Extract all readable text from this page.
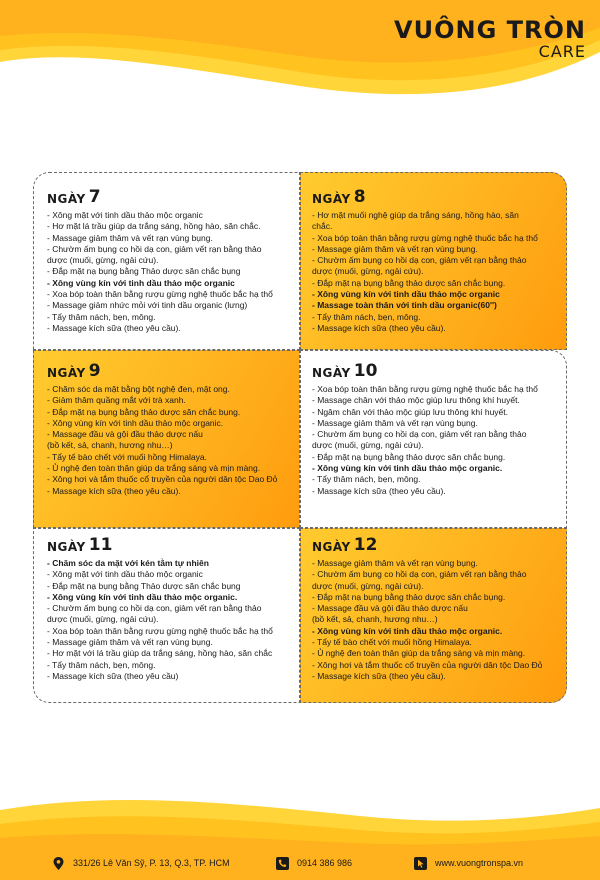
VUÔNG TRÒN
CARE
NGÀY 7
- Xông mặt với tinh dầu thảo mộc organic
- Hơ mặt lá trầu giúp da trắng sáng, hồng hào, săn chắc.
- Massage giảm thâm và vết rạn vùng bụng.
- Chườm ấm bụng co hồi dạ con, giảm vết rạn bằng thảo
dược (muối, gừng, ngải cứu).
- Đắp mặt nạ bụng bằng Thảo dược săn chắc bụng
- Xông vùng kín với tinh dầu thảo mộc organic
- Xoa bóp toàn thân bằng rượu gừng nghệ thuốc bắc hạ thổ
- Massage giảm nhức mỏi với tinh dầu organic (lưng)
- Tẩy thâm nách, bẹn, mông.
- Massage kích sữa (theo yêu cầu).
NGÀY 8
- Hơ mặt muối nghệ giúp da trắng sáng, hồng hào, săn
chắc.
- Xoa bóp toàn thân bằng rượu gừng nghệ thuốc bắc hạ thổ
- Massage giảm thâm và vết rạn vùng bụng.
- Chườm ấm bụng co hồi dạ con, giảm vết rạn bằng thảo
dược (muối, gừng, ngải cứu).
- Đắp mặt nạ bụng bằng thảo dược săn chắc bụng.
- Xông vùng kín với tinh dầu thảo mộc organic
- Massage toàn thân với tinh dầu organic(60'')
- Tẩy thâm nách, bẹn, mông.
- Massage kích sữa (theo yêu cầu).
NGÀY 9
- Chăm sóc da mặt bằng bột nghệ đen, mật ong.
- Giảm thâm quầng mắt với trà xanh.
- Đắp mặt nạ bụng bằng thảo dược săn chắc bụng.
- Xông vùng kín với tinh dầu thảo mộc organic.
- Massage đầu và gội đầu thảo dược nấu
(bồ kết, sả, chanh, hương nhu…)
- Tẩy tế bào chết với muối hồng Himalaya.
- Ủ nghệ đen toàn thân giúp da trắng sáng và mịn màng.
- Xông hơi và tắm thuốc cổ truyền của người dân tộc Dao Đỏ
- Massage kích sữa (theo yêu cầu).
NGÀY 10
- Xoa bóp toàn thân bằng rượu gừng nghệ thuốc bắc hạ thổ
- Massage chân với thảo mộc giúp lưu thông khí huyết.
- Ngâm chân với thảo mộc giúp lưu thông khí huyết.
- Massage giảm thâm và vết rạn vùng bụng.
- Chườm ấm bụng co hồi dạ con, giảm vết rạn bằng thảo
dược (muối, gừng, ngải cứu).
- Đắp mặt nạ bụng bằng thảo dược săn chắc bụng.
- Xông vùng kín với tinh dầu thảo mộc organic.
- Tẩy thâm nách, bẹn, mông.
- Massage kích sữa (theo yêu cầu).
NGÀY 11
- Chăm sóc da mặt với kén tằm tự nhiên
- Xông mặt với tinh dầu thảo mộc organic
- Đắp mặt nạ bụng bằng Thảo dược săn chắc bụng
- Xông vùng kín với tinh dầu thảo mộc organic.
- Chườm ấm bụng co hồi dạ con, giảm vết rạn bằng thảo
dược (muối, gừng, ngải cứu).
- Xoa bóp toàn thân bằng rượu gừng nghệ thuốc bắc hạ thổ
- Massage giảm thâm và vết rạn vùng bụng.
- Hơ mặt với lá trầu giúp da trắng sáng, hồng hào, săn chắc
- Tẩy thâm nách, bẹn, mông.
- Massage kích sữa (theo yêu cầu)
NGÀY 12
- Massage giảm thâm và vết rạn vùng bụng.
- Chườm ấm bụng co hồi dạ con, giảm vết rạn bằng thảo
dược (muối, gừng, ngải cứu).
- Đắp mặt nạ bụng bằng thảo dược săn chắc bụng.
- Massage đầu và gội đầu thảo dược nấu
(bồ kết, sả, chanh, hương nhu…)
- Xông vùng kín với tinh dầu thảo mộc organic.
- Tẩy tế bào chết với muối hồng Himalaya.
- Ủ nghệ đen toàn thân giúp da trắng sáng và mịn màng.
- Xông hơi và tắm thuốc cổ truyền của người dân tộc Dao Đỏ
- Massage kích sữa (theo yêu cầu).
331/26 Lê Văn Sỹ, P. 13, Q.3, TP. HCM	0914 386 986	www.vuongtronspa.vn
